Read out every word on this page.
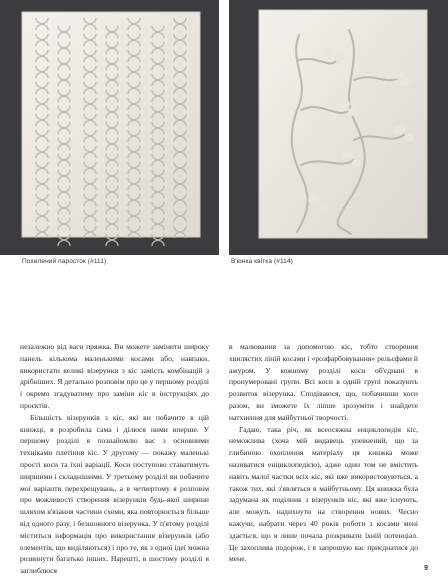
Похилений паросток (#111)	В'юнка квітка (#114)

незалежно від ваги пряжка. Ви можете замінити широку панель кількома маленькими косами або, навпаки, використати великі візерунки з кіс замість комбінацій з дрібніших. Я детально розповім про це у першому розділі і окремо згадуватиму про заміни кіс в інструкціях до проєктів.

Більшість візерунків з кіс, які ви побачите в цій книжці, я розробила сама і ділюся ними вперше. У першому розділі я познайомлю вас з основними техніками плетіння кіс. У другому — покажу маленькі прості коси та їхні варіації. Коси поступово ставатимуть ширшими і складнішими. У третьому розділі ви побачите мої варіанти перехрещувань, а в четвертому я розповім про можливості створення візерунків будь-якої ширини шляхом в'язання частини схеми, яка повторюється більше від одного разу, і безшовного візерунка. У п'ятому розділі міститься інформація про використання візерунків (або елементів, що виділяються) і про те, як з одної ідеї можна розвинути багатько інших. Нарешті, в шостому розділі я заглиблюся

в малювання за допомогою кіс, тобто створення хвилястих ліній косами і «розфарбовування» рельєфами й ажуром. У кожному розділі коси об'єднані в пронумеровані групи. Всі коси в одній групі показують розвиток візерунка. Сподіваюся, що, побачивши коси разом, ви зможете їх ліпше зрозуміти і знайдете натхнення для майбутньої творчості.

Гадаю, така річ, як всеосяжна енциклопедія кіс, неможлива (хоча мій видавець упевнений, що за глибиною охоплення матеріалу ця книжка може називатися енциклопедією), адже один том не вмістить навіть малої частки всіх кіс, які вже використовуються, а також тих, які з'являться в майбутньому. Ця книжка була задумана як поділник з візерунків кіс, які вже існують, але можуть надихнути на створення нових. Чесно кажучи, набрати через 40 років роботи з косами мені здається, що я лише почала розкривати їхній потенціал. Це захоплива подорож, і я запрошую вас приєднатися до мене.

9
